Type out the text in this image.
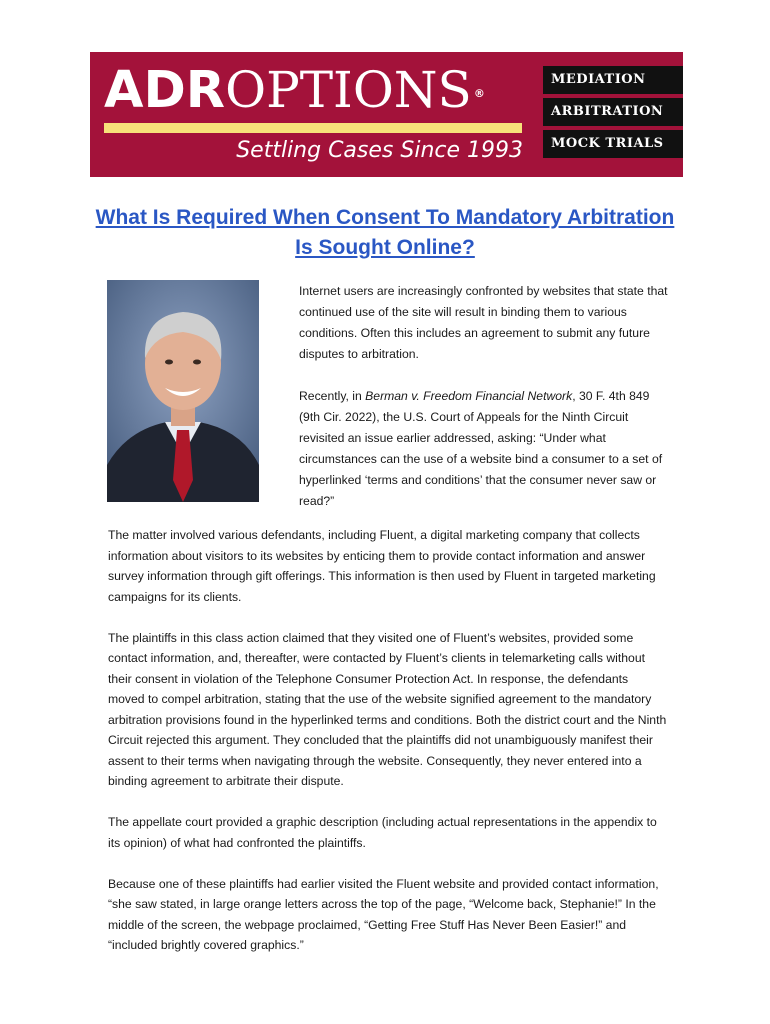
ADROPTIONS ®
Settling Cases Since 1993
MEDIATION
ARBITRATION
MOCK TRIALS
What Is Required When Consent To Mandatory Arbitration Is Sought Online?

Internet users are increasingly confronted by websites that state that continued use of the site will result in binding them to various conditions. Often this includes an agreement to submit any future disputes to arbitration.

Recently, in Berman v. Freedom Financial Network, 30 F. 4th 849 (9th Cir. 2022), the U.S. Court of Appeals for the Ninth Circuit revisited an issue earlier addressed, asking: “Under what circumstances can the use of a website bind a consumer to a set of hyperlinked ‘terms and conditions’ that the consumer never saw or read?”

The matter involved various defendants, including Fluent, a digital marketing company that collects information about visitors to its websites by enticing them to provide contact information and answer survey information through gift offerings. This information is then used by Fluent in targeted marketing campaigns for its clients.

The plaintiffs in this class action claimed that they visited one of Fluent’s websites, provided some contact information, and, thereafter, were contacted by Fluent’s clients in telemarketing calls without their consent in violation of the Telephone Consumer Protection Act. In response, the defendants moved to compel arbitration, stating that the use of the website signified agreement to the mandatory arbitration provisions found in the hyperlinked terms and conditions. Both the district court and the Ninth Circuit rejected this argument. They concluded that the plaintiffs did not unambiguously manifest their assent to their terms when navigating through the website. Consequently, they never entered into a binding agreement to arbitrate their dispute.

The appellate court provided a graphic description (including actual representations in the appendix to its opinion) of what had confronted the plaintiffs.

Because one of these plaintiffs had earlier visited the Fluent website and provided contact information, “she saw stated, in large orange letters across the top of the page, “Welcome back, Stephanie!” In the middle of the screen, the webpage proclaimed, “Getting Free Stuff Has Never Been Easier!” and “included brightly covered graphics.”
